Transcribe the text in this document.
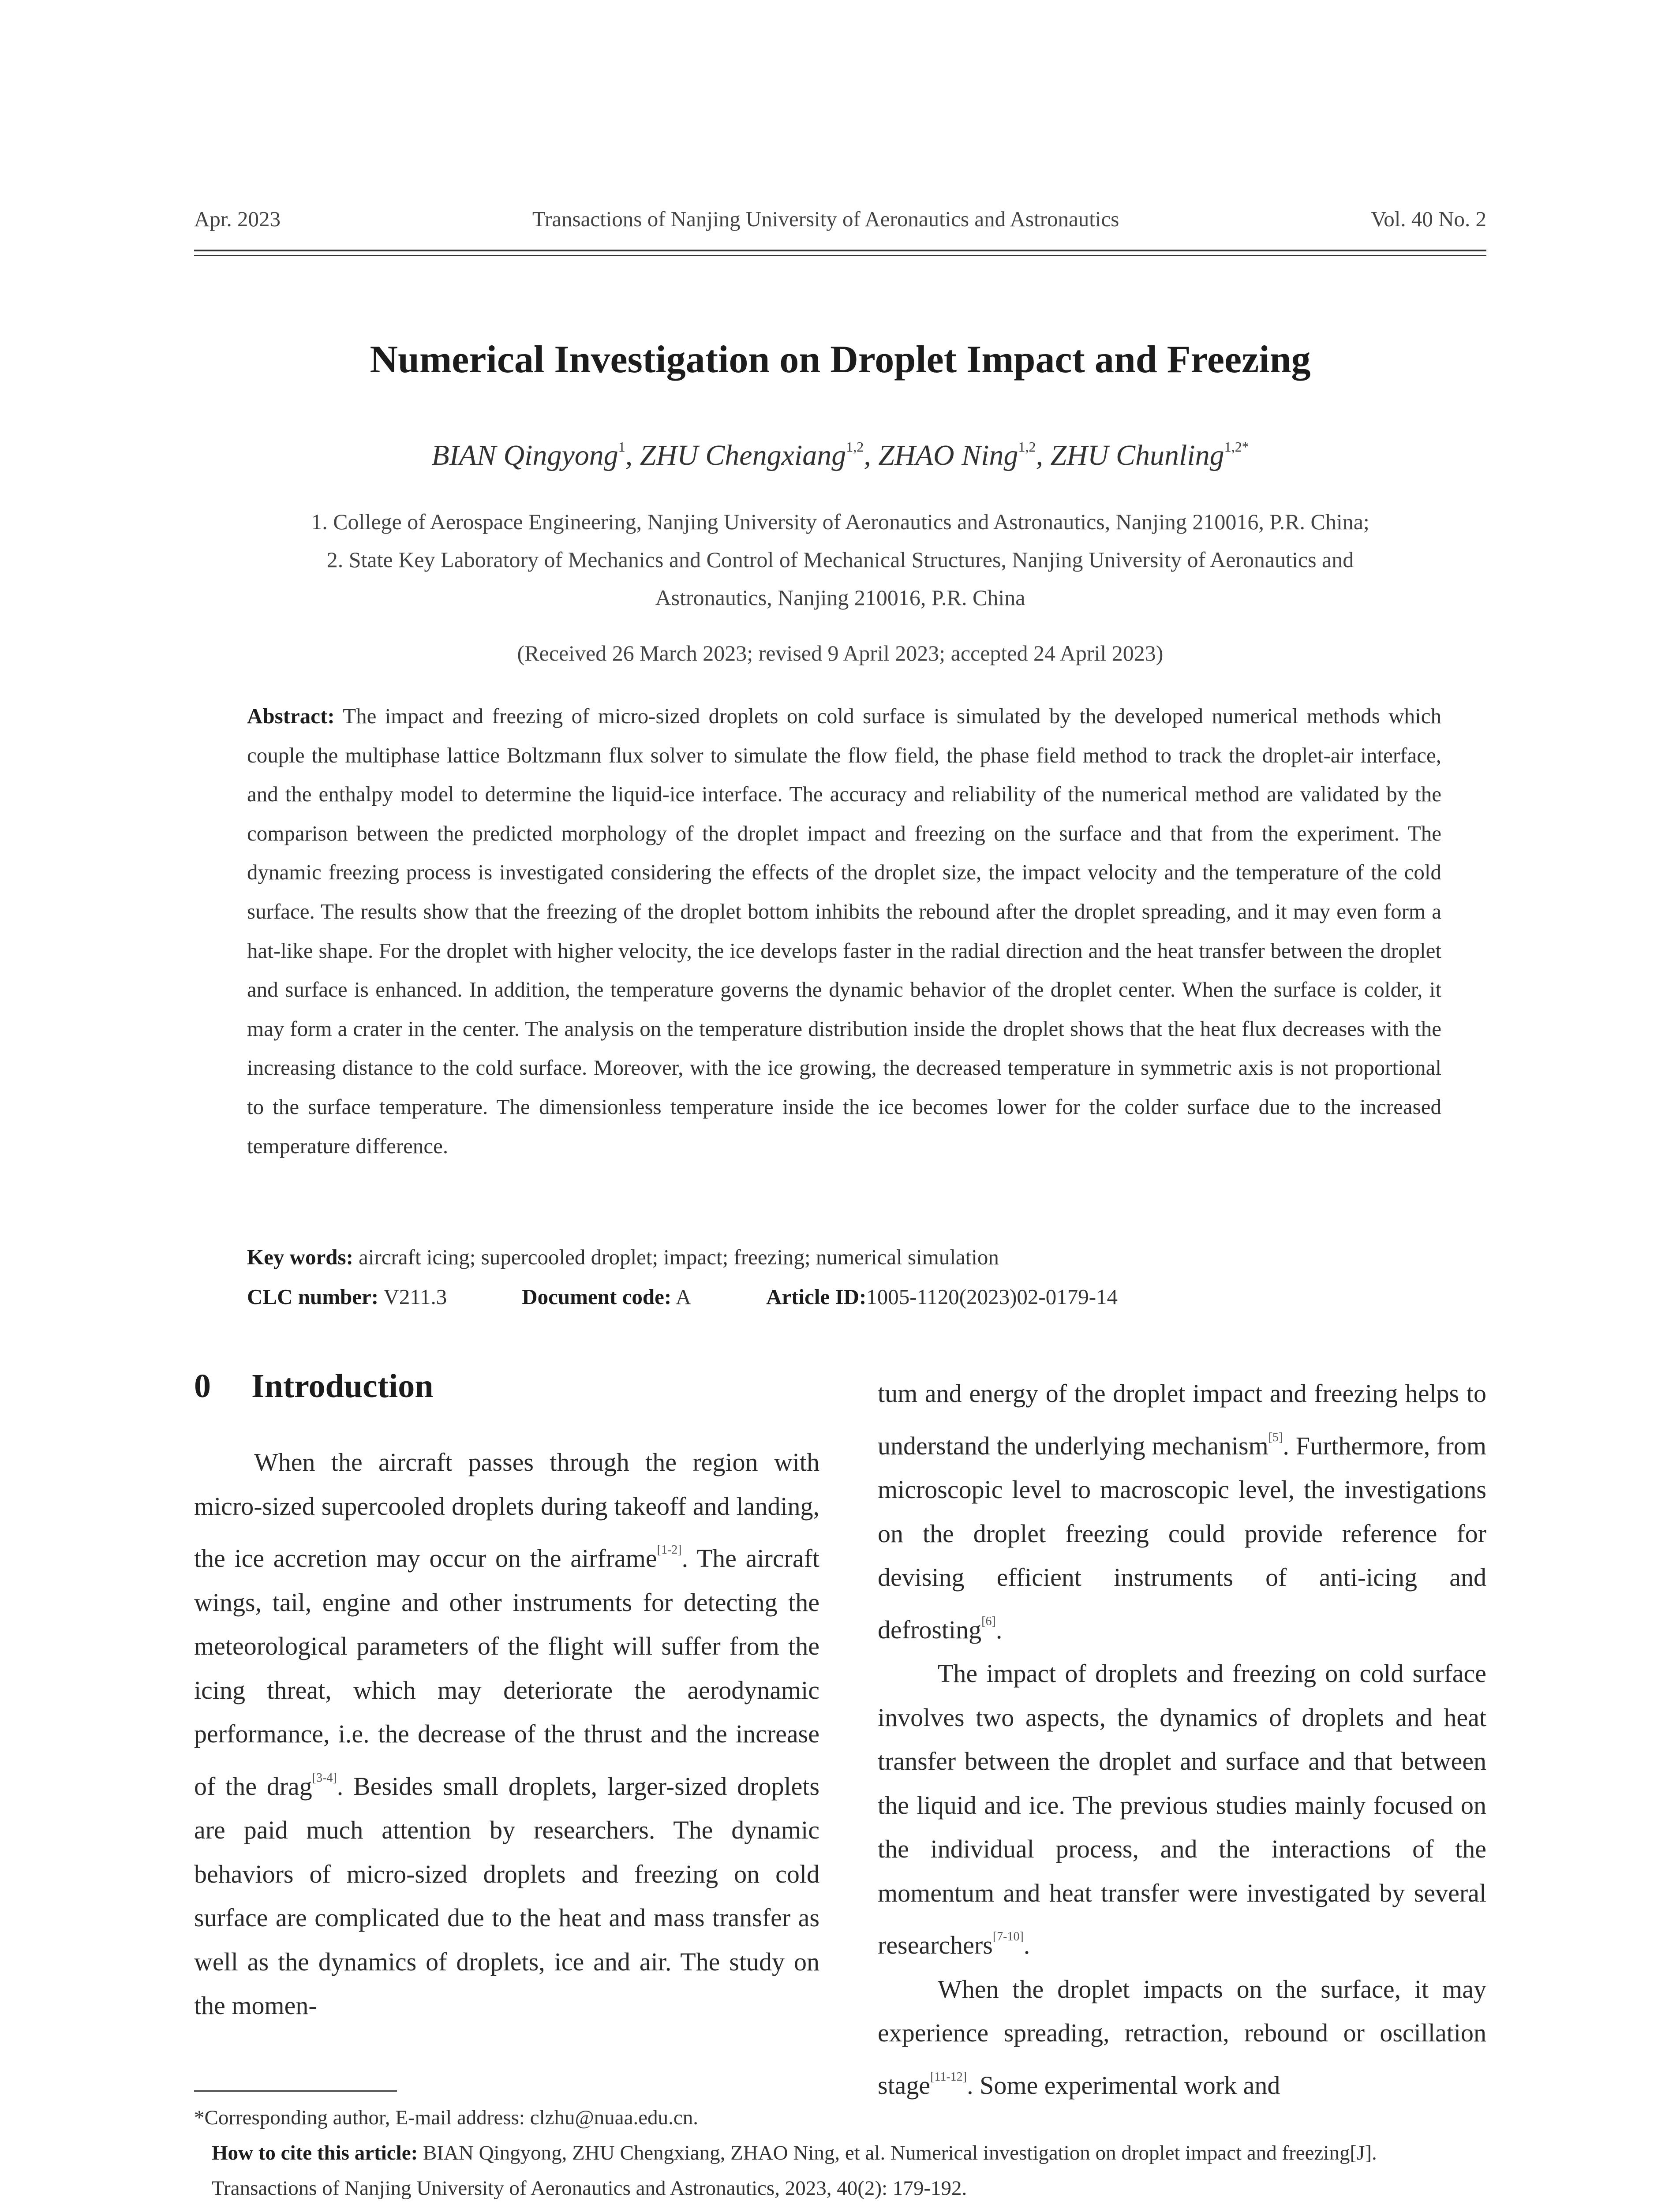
Apr. 2023	Transactions of Nanjing University of Aeronautics and Astronautics	Vol. 40 No. 2
Numerical Investigation on Droplet Impact and Freezing
BIAN Qingyong$^1$, ZHU Chengxiang$^{1,2}$, ZHAO Ning$^{1,2}$, ZHU Chunling$^{1,2*}$
1. College of Aerospace Engineering, Nanjing University of Aeronautics and Astronautics, Nanjing 210016, P.R. China;
2. State Key Laboratory of Mechanics and Control of Mechanical Structures, Nanjing University of Aeronautics and
Astronautics, Nanjing 210016, P.R. China
(Received 26 March 2023; revised 9 April 2023; accepted 24 April 2023)
Abstract: The impact and freezing of micro-sized droplets on cold surface is simulated by the developed numerical methods which couple the multiphase lattice Boltzmann flux solver to simulate the flow field, the phase field method to track the droplet-air interface, and the enthalpy model to determine the liquid-ice interface. The accuracy and reliability of the numerical method are validated by the comparison between the predicted morphology of the droplet impact and freezing on the surface and that from the experiment. The dynamic freezing process is investigated considering the effects of the droplet size, the impact velocity and the temperature of the cold surface. The results show that the freezing of the droplet bottom inhibits the rebound after the droplet spreading, and it may even form a hat-like shape. For the droplet with higher velocity, the ice develops faster in the radial direction and the heat transfer between the droplet and surface is enhanced. In addition, the temperature governs the dynamic behavior of the droplet center. When the surface is colder, it may form a crater in the center. The analysis on the temperature distribution inside the droplet shows that the heat flux decreases with the increasing distance to the cold surface. Moreover, with the ice growing, the decreased temperature in symmetric axis is not proportional to the surface temperature. The dimensionless temperature inside the ice becomes lower for the colder surface due to the increased temperature difference.
Key words: aircraft icing; supercooled droplet; impact; freezing; numerical simulation
CLC number: V211.3	Document code: A	Article ID:1005-1120(2023)02-0179-14
0 Introduction

When the aircraft passes through the region with micro-sized supercooled droplets during takeoff and landing, the ice accretion may occur on the airframe[1-2]. The aircraft wings, tail, engine and other instruments for detecting the meteorological parameters of the flight will suffer from the icing threat, which may deteriorate the aerodynamic performance, i.e. the decrease of the thrust and the increase of the drag[3-4]. Besides small droplets, larger-sized droplets are paid much attention by researchers. The dynamic behaviors of micro-sized droplets and freezing on cold surface are complicated due to the heat and mass transfer as well as the dynamics of droplets, ice and air. The study on the momen-

tum and energy of the droplet impact and freezing helps to understand the underlying mechanism[5]. Furthermore, from microscopic level to macroscopic level, the investigations on the droplet freezing could provide reference for devising efficient instruments of anti-icing and defrosting[6].

The impact of droplets and freezing on cold surface involves two aspects, the dynamics of droplets and heat transfer between the droplet and surface and that between the liquid and ice. The previous studies mainly focused on the individual process, and the interactions of the momentum and heat transfer were investigated by several researchers[7-10].

When the droplet impacts on the surface, it may experience spreading, retraction, rebound or oscillation stage[11-12]. Some experimental work and

*Corresponding author, E-mail address: clzhu@nuaa.edu.cn.

How to cite this article: BIAN Qingyong, ZHU Chengxiang, ZHAO Ning, et al. Numerical investigation on droplet impact and freezing[J]. Transactions of Nanjing University of Aeronautics and Astronautics, 2023, 40(2): 179-192.
